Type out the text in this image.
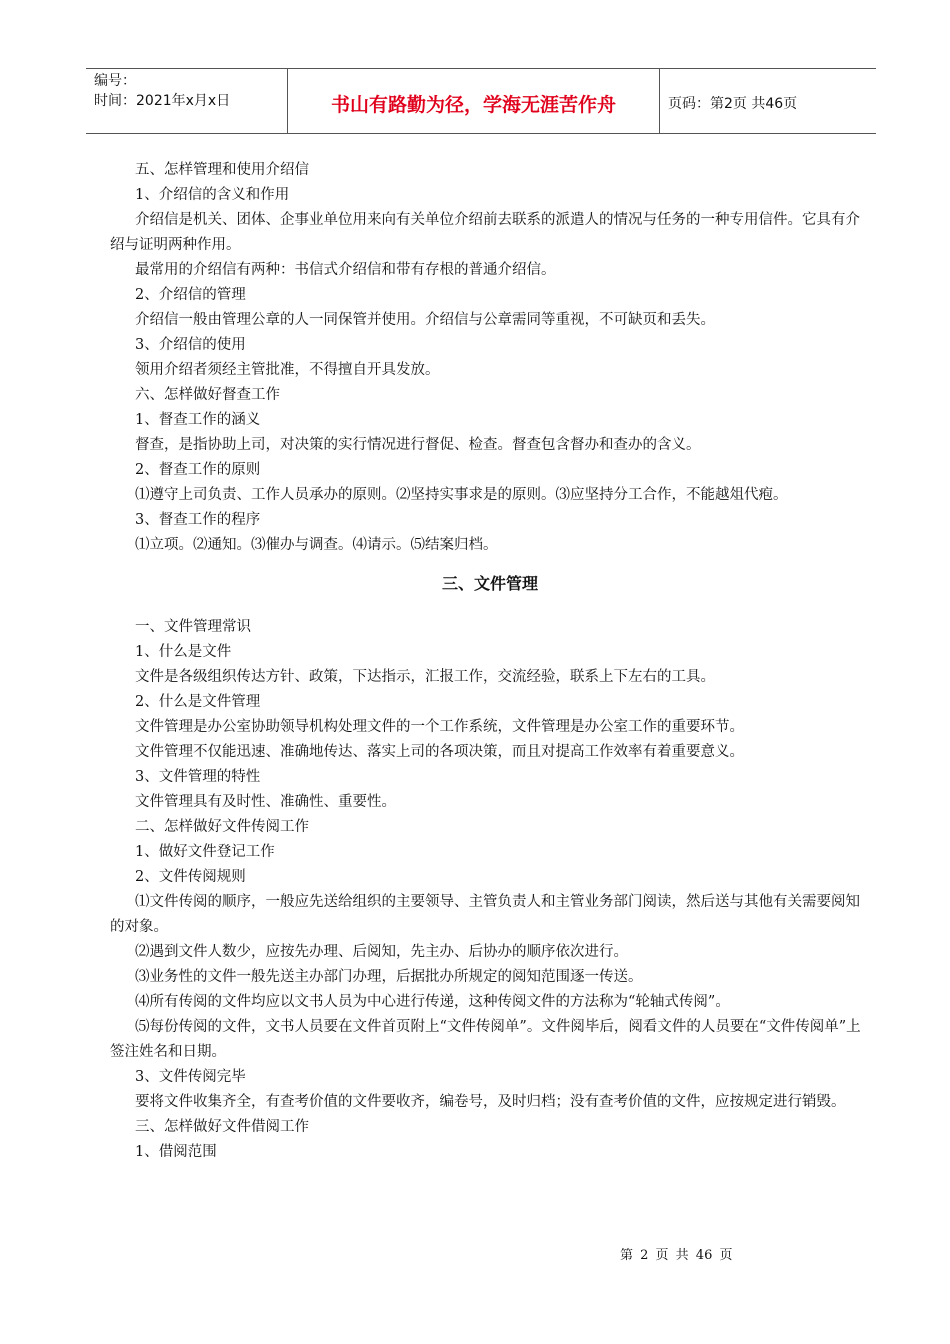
编号：
时间：2021年x月x日	书山有路勤为径，学海无涯苦作舟	页码：第2页 共46页

五、怎样管理和使用介绍信

1、介绍信的含义和作用

介绍信是机关、团体、企事业单位用来向有关单位介绍前去联系的派遣人的情况与任务的一种专用信件。它具有介绍与证明两种作用。

最常用的介绍信有两种：书信式介绍信和带有存根的普通介绍信。

2、介绍信的管理

介绍信一般由管理公章的人一同保管并使用。介绍信与公章需同等重视，不可缺页和丢失。

3、介绍信的使用

领用介绍者须经主管批准，不得擅自开具发放。

六、怎样做好督查工作

1、督查工作的涵义

督查，是指协助上司，对决策的实行情况进行督促、检查。督查包含督办和查办的含义。

2、督查工作的原则

⑴遵守上司负责、工作人员承办的原则。⑵坚持实事求是的原则。⑶应坚持分工合作，不能越俎代疱。

3、督查工作的程序

⑴立项。⑵通知。⑶催办与调查。⑷请示。⑸结案归档。

三、文件管理

一、文件管理常识

1、什么是文件

文件是各级组织传达方针、政策，下达指示，汇报工作，交流经验，联系上下左右的工具。

2、什么是文件管理

文件管理是办公室协助领导机构处理文件的一个工作系统，文件管理是办公室工作的重要环节。

文件管理不仅能迅速、准确地传达、落实上司的各项决策，而且对提高工作效率有着重要意义。

3、文件管理的特性

文件管理具有及时性、准确性、重要性。

二、怎样做好文件传阅工作

1、做好文件登记工作

2、文件传阅规则

⑴文件传阅的顺序，一般应先送给组织的主要领导、主管负责人和主管业务部门阅读，然后送与其他有关需要阅知的对象。

⑵遇到文件人数少，应按先办理、后阅知，先主办、后协办的顺序依次进行。

⑶业务性的文件一般先送主办部门办理，后据批办所规定的阅知范围逐一传送。

⑷所有传阅的文件均应以文书人员为中心进行传递，这种传阅文件的方法称为“轮轴式传阅”。

⑸每份传阅的文件，文书人员要在文件首页附上“文件传阅单”。文件阅毕后，阅看文件的人员要在“文件传阅单”上签注姓名和日期。

3、文件传阅完毕

要将文件收集齐全，有查考价值的文件要收齐，编卷号，及时归档；没有查考价值的文件，应按规定进行销毁。

三、怎样做好文件借阅工作

1、借阅范围

第 2 页 共 46 页
